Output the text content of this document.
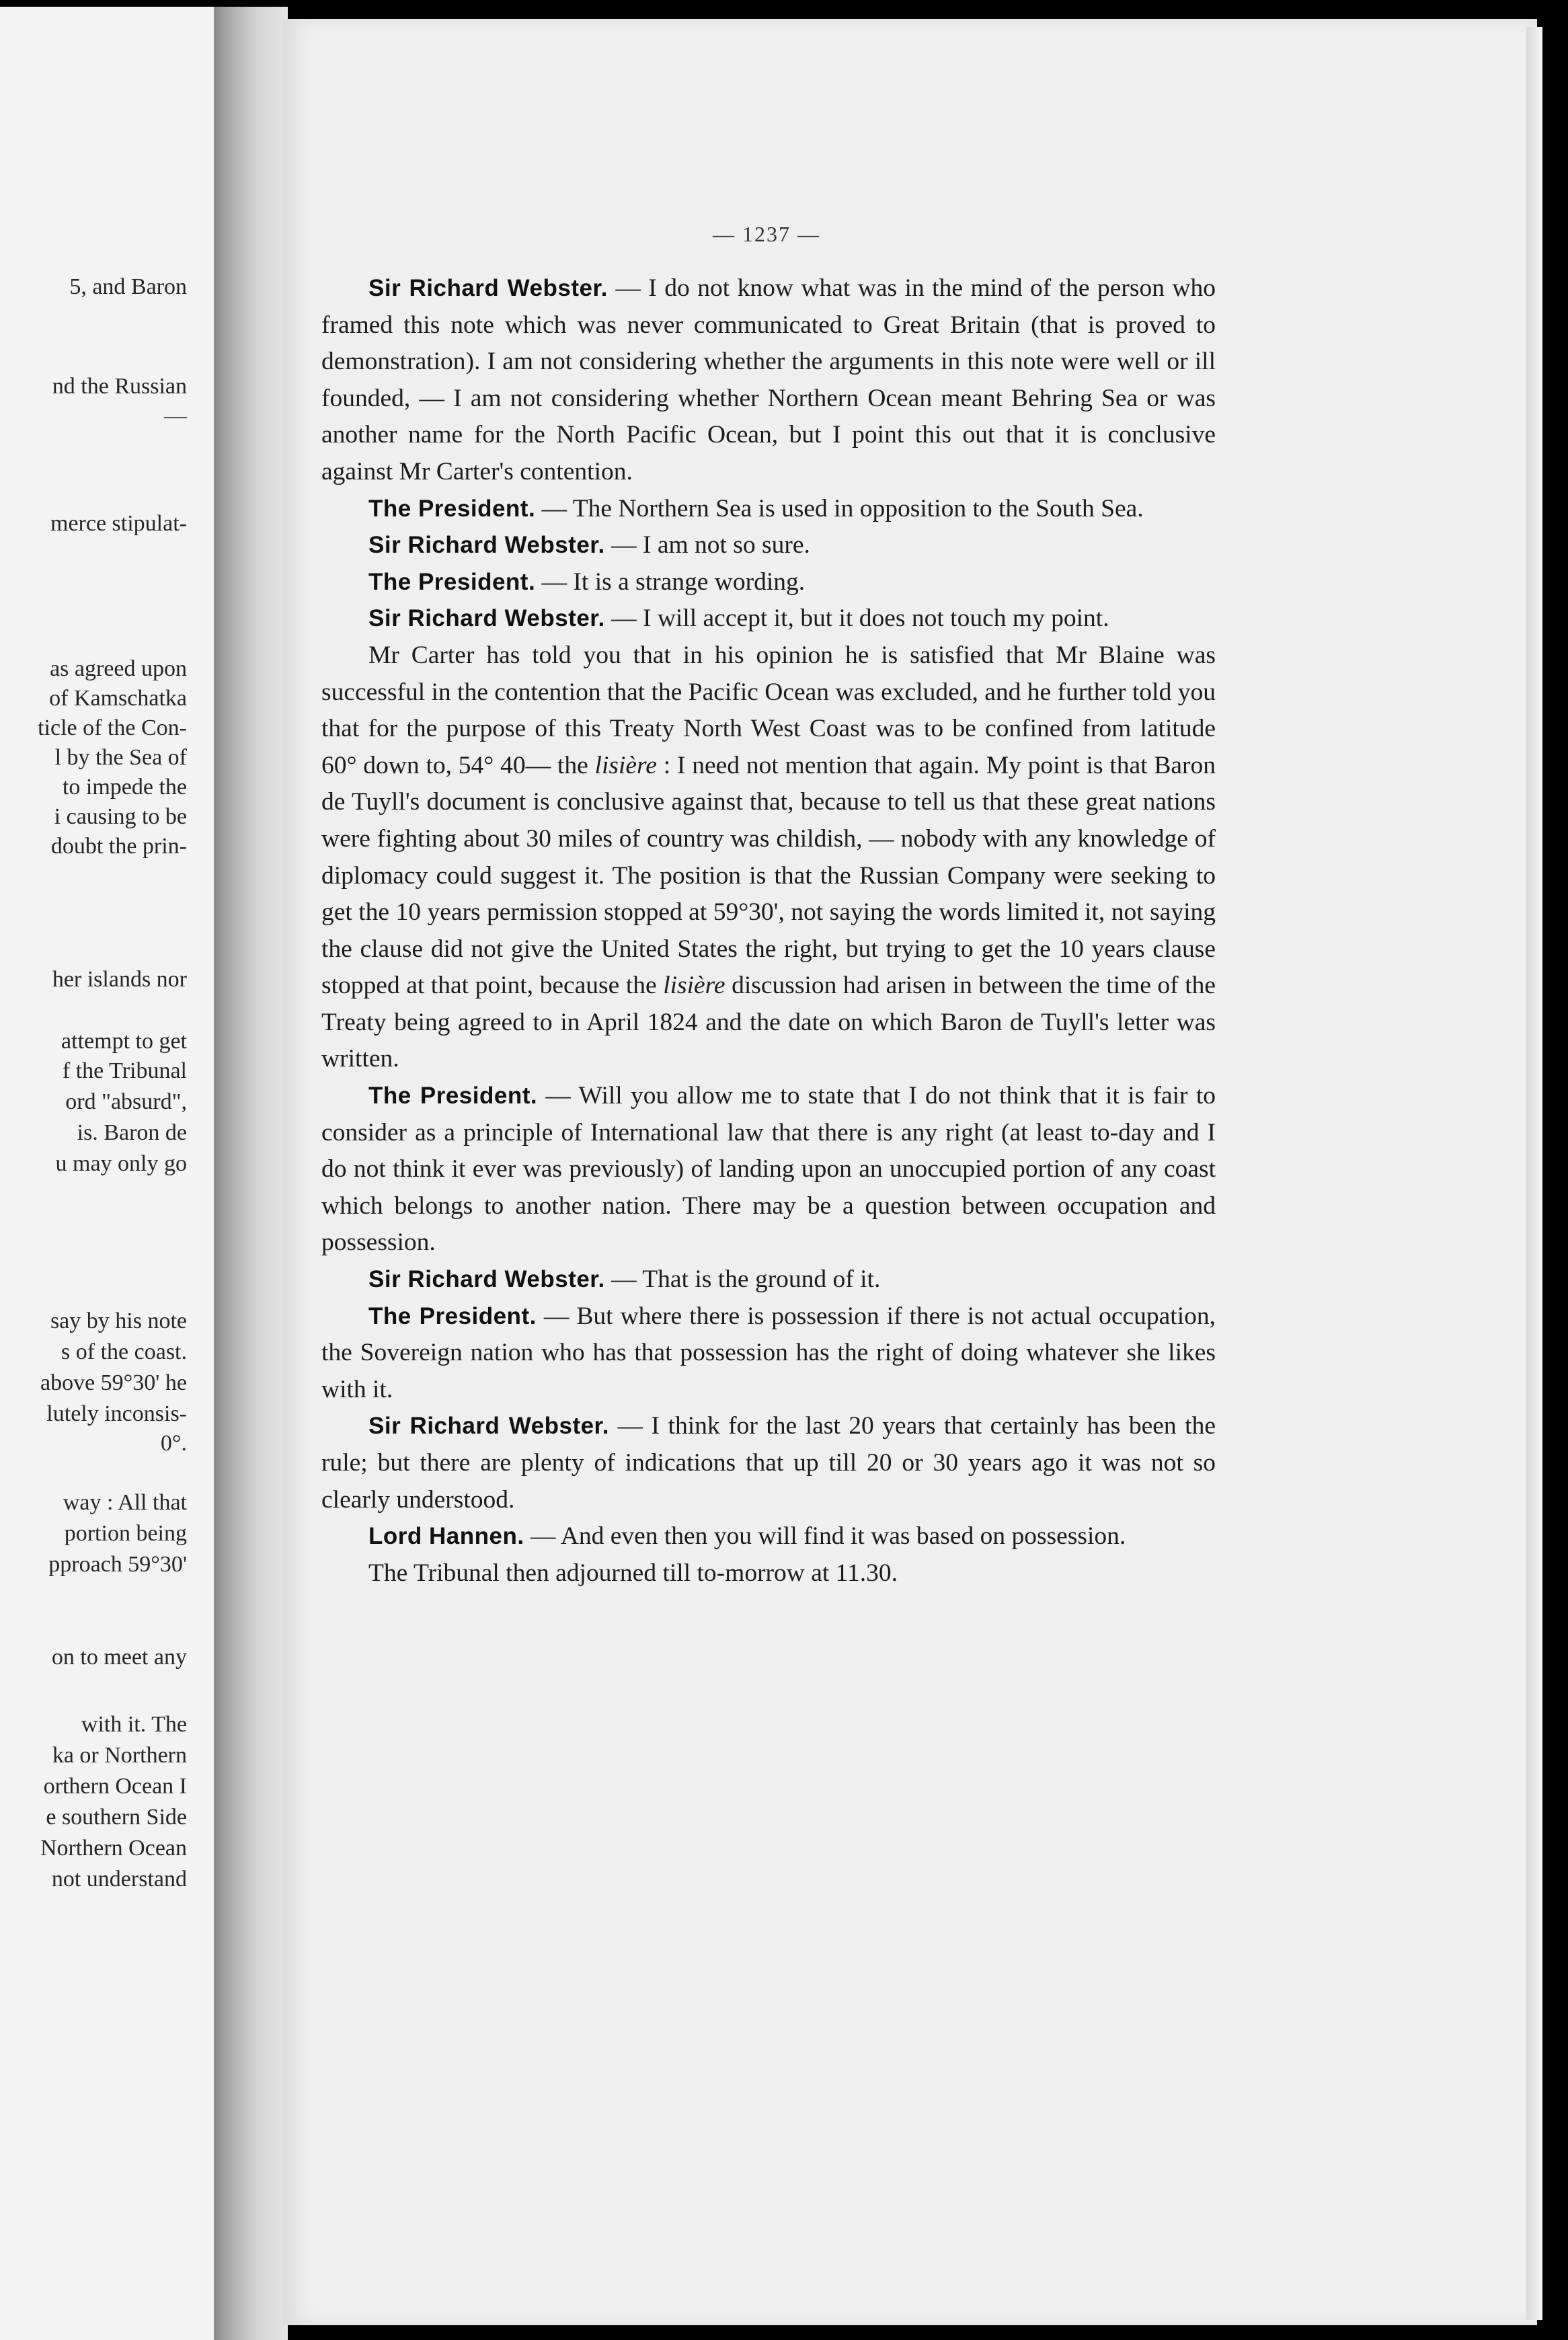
5, and Baron
nd the Russian
—
merce stipulat-
as agreed upon
of Kamschatka
ticle of the Con-
l by the Sea of
to impede the
i causing to be
doubt the prin-
her islands nor
attempt to get
f the Tribunal
ord "absurd",
is. Baron de
u may only go
say by his note
s of the coast.
above 59°30' he
lutely inconsis-
0°.
way : All that
portion being
pproach 59°30'
on to meet any
with it. The
ka or Northern
orthern Ocean I
e southern Side
Northern Ocean
not understand
— 1237 —

Sir Richard Webster. — I do not know what was in the mind of the person who framed this note which was never communicated to Great Britain (that is proved to demonstration). I am not considering whether the arguments in this note were well or ill founded, — I am not considering whether Northern Ocean meant Behring Sea or was another name for the North Pacific Ocean, but I point this out that it is conclusive against Mr Carter's contention.

The President. — The Northern Sea is used in opposition to the South Sea.

Sir Richard Webster. — I am not so sure.

The President. — It is a strange wording.

Sir Richard Webster. — I will accept it, but it does not touch my point.

Mr Carter has told you that in his opinion he is satisfied that Mr Blaine was successful in the contention that the Pacific Ocean was excluded, and he further told you that for the purpose of this Treaty North West Coast was to be confined from latitude 60° down to, 54° 40— the lisière : I need not mention that again. My point is that Baron de Tuyll's document is conclusive against that, because to tell us that these great nations were fighting about 30 miles of country was childish, — nobody with any knowledge of diplomacy could suggest it. The position is that the Russian Company were seeking to get the 10 years permission stopped at 59°30', not saying the words limited it, not saying the clause did not give the United States the right, but trying to get the 10 years clause stopped at that point, because the lisière discussion had arisen in between the time of the Treaty being agreed to in April 1824 and the date on which Baron de Tuyll's letter was written.

The President. — Will you allow me to state that I do not think that it is fair to consider as a principle of International law that there is any right (at least to-day and I do not think it ever was previously) of landing upon an unoccupied portion of any coast which belongs to another nation. There may be a question between occupation and possession.

Sir Richard Webster. — That is the ground of it.

The President. — But where there is possession if there is not actual occupation, the Sovereign nation who has that possession has the right of doing whatever she likes with it.

Sir Richard Webster. — I think for the last 20 years that certainly has been the rule; but there are plenty of indications that up till 20 or 30 years ago it was not so clearly understood.

Lord Hannen. — And even then you will find it was based on possession.

The Tribunal then adjourned till to-morrow at 11.30.
